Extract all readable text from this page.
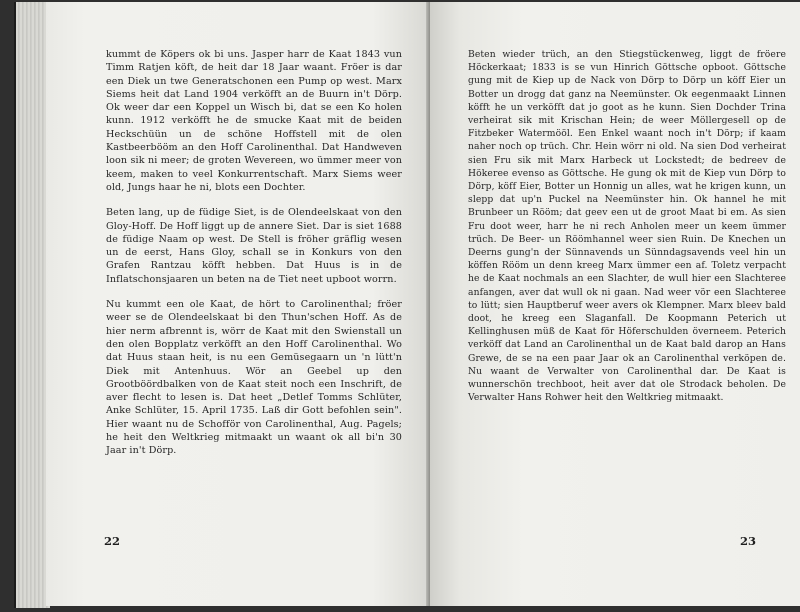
kummt de Köpers ok bi uns. Jasper harr de Kaat 1843 vun Timm Ratjen köft, de heit dar 18 Jaar waant. Fröer is dar een Diek un twe Generatschonen een Pump op west. Marx Siems heit dat Land 1904 verköfft an de Buurn in't Dörp. Ok weer dar een Koppel un Wisch bi, dat se een Ko holen kunn. 1912 verköfft he de smucke Kaat mit de beiden Heckschüün un de schöne Hoffstell mit de olen Kastbeerbööm an den Hoff Carolinenthal. Dat Handweven loon sik ni meer; de groten Wevereen, wo ümmer meer von keem, maken to veel Konkurrentschaft. Marx Siems weer old, Jungs haar he ni, blots een Dochter.

Beten lang, up de füdige Siet, is de Olendeelskaat von den Gloy-Hoff. De Hoff liggt up de annere Siet. Dar is siet 1688 de füdige Naam op west. De Stell is fröher gräflig wesen un de eerst, Hans Gloy, schall se in Konkurs von den Grafen Rantzau köfft hebben. Dat Huus is in de Inflatschonsjaaren un beten na de Tiet neet upboot worrn.

Nu kummt een ole Kaat, de hört to Carolinenthal; fröer weer se de Olendeelskaat bi den Thun'schen Hoff. As de hier nerm afbrennt is, wörr de Kaat mit den Swienstall un den olen Bopplatz verköfft an den Hoff Carolinenthal. Wo dat Huus staan heit, is nu een Gemüsegaarn un 'n lütt'n Diek mit Antenhuus. Wör an Geebel up den Grootböördbalken von de Kaat steit noch een Inschrift, de aver flecht to lesen is. Dat heet „Detlef Tomms Schlüter, Anke Schlüter, 15. April 1735. Laß dir Gott befohlen sein". Hier waant nu de Schofför von Carolinenthal, Aug. Pagels; he heit den Weltkrieg mitmaakt un waant ok all bi'n 30 Jaar in't Dörp.

22

Beten wieder trüch, an den Stiegstückenweg, liggt de fröere Höckerkaat; 1833 is se vun Hinrich Göttsche opboot. Göttsche gung mit de Kiep up de Nack von Dörp to Dörp un köff Eier un Botter un drogg dat ganz na Neemünster. Ok eegenmaakt Linnen köfft he un verköfft dat jo goot as he kunn. Sien Dochder Trina verheirat sik mit Krischan Hein; de weer Möllergesell op de Fitzbeker Watermööl. Een Enkel waant noch in't Dörp; if kaam naher noch op trüch. Chr. Hein wörr ni old. Na sien Dod verheirat sien Fru sik mit Marx Harbeck ut Lockstedt; de bedreev de Hökeree evenso as Göttsche. He gung ok mit de Kiep vun Dörp to Dörp, köff Eier, Botter un Honnig un alles, wat he krigen kunn, un slepp dat up'n Puckel na Neemünster hin. Ok hannel he mit Brunbeer un Rööm; dat geev een ut de groot Maat bi em. As sien Fru doot weer, harr he ni rech Anholen meer un keem ümmer trüch. De Beer- un Röömhannel weer sien Ruin. De Knechen un Deerns gung'n der Sünnavends un Sünndagsavends veel hin un köffen Rööm un denn kreeg Marx ümmer een af. Toletz verpacht he de Kaat nochmals an een Slachter, de wull hier een Slachteree anfangen, aver dat wull ok ni gaan. Nad weer vör een Slachteree to lütt; sien Hauptberuf weer avers ok Klempner. Marx bleev bald doot, he kreeg een Slaganfall. De Koopmann Peterich ut Kellinghusen müß de Kaat för Höferschulden överneem. Peterich verköff dat Land an Carolinenthal un de Kaat bald darop an Hans Grewe, de se na een paar Jaar ok an Carolinenthal verköpen de. Nu waant de Verwalter von Carolinenthal dar. De Kaat is wunnerschön trechboot, heit aver dat ole Strodack beholen. De Verwalter Hans Rohwer heit den Weltkrieg mitmaakt.

23
